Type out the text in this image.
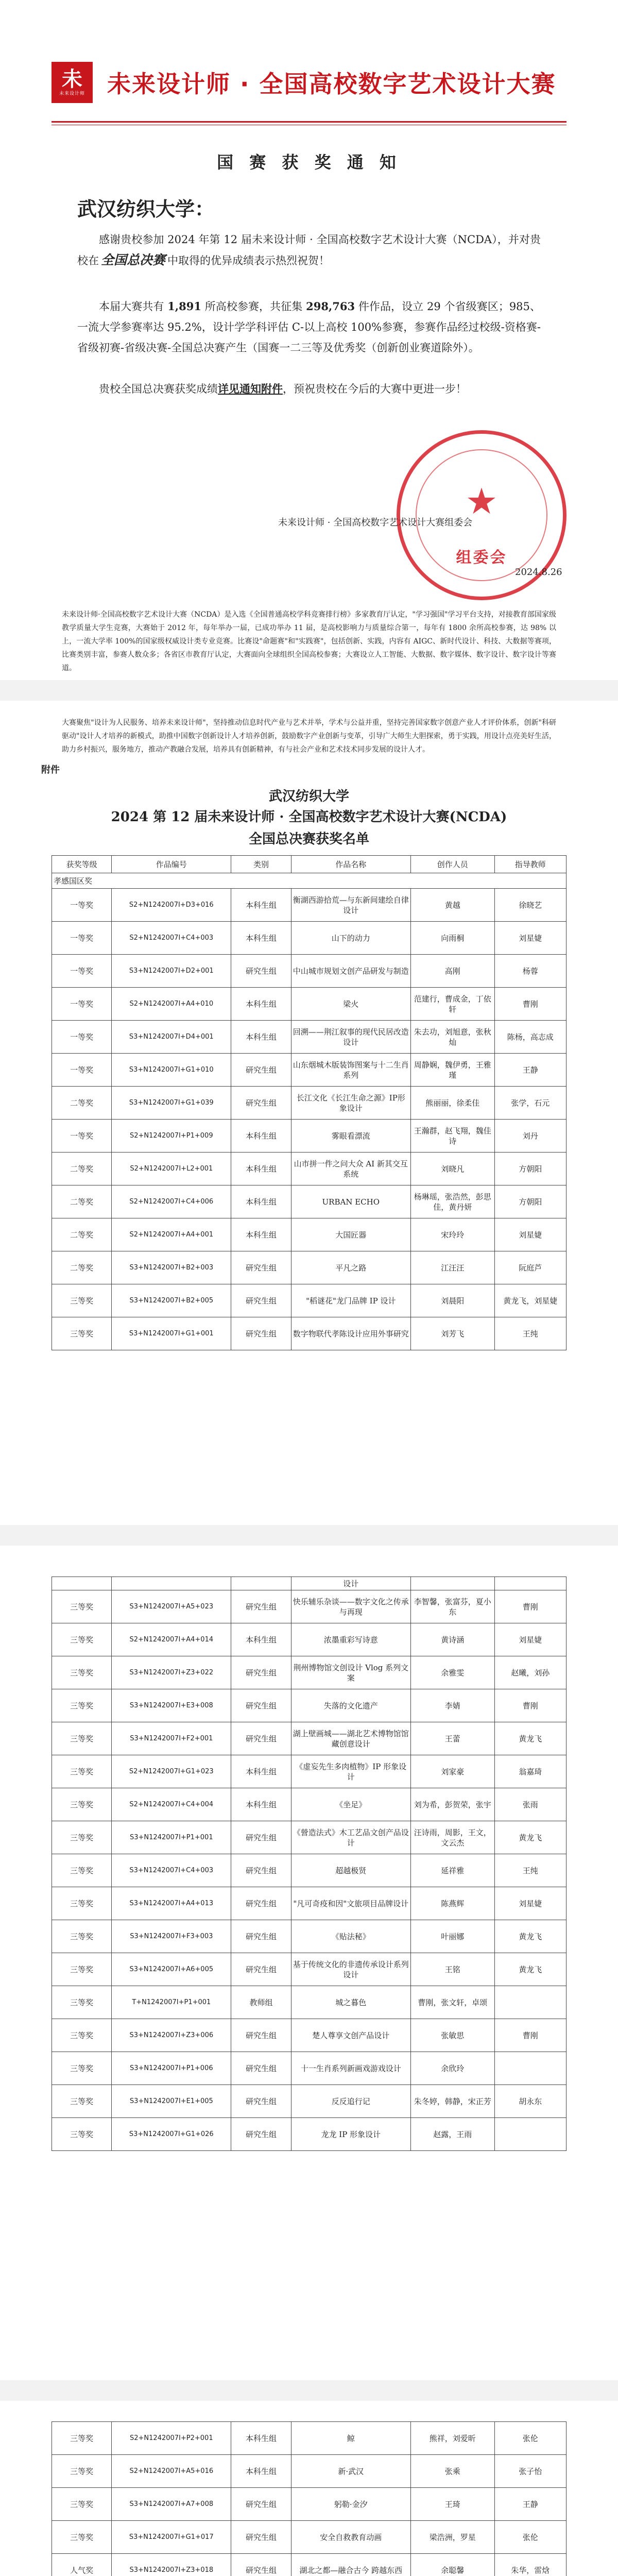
未
未来设计师 未来设计师 · 全国高校数字艺术设计大赛
国 赛 获 奖 通 知
武汉纺织大学：
感谢贵校参加 2024 年第 12 届未来设计师 · 全国高校数字艺术设计大赛（NCDA），并对贵校在 全国总决赛 中取得的优异成绩表示热烈祝贺！
本届大赛共有 1,891 所高校参赛，共征集 298,763 件作品，设立 29 个省级赛区；985、一流大学参赛率达 95.2%，设计学学科评估 C-以上高校 100%参赛，参赛作品经过校级-资格赛-省级初赛-省级决赛-全国总决赛产生（国赛一二三等及优秀奖（创新创业赛道除外）。
贵校全国总决赛获奖成绩详见通知附件，预祝贵校在今后的大赛中更进一步！
★
组委会
未来设计师 · 全国高校数字艺术设计大赛组委会
2024.8.26
未来设计师·全国高校数字艺术设计大赛（NCDA）是入选《全国普通高校学科竞赛排行榜》多家教育厅认定，"学习强国"学习平台支持，对接教育部国家级教学质量大学生竞赛，大赛始于 2012 年，每年举办一届，已成功举办 11 届，是高校影响力与质量综合第一，每年有 1800 余所高校参赛，达 98% 以上，一流大学率 100%的国家级权威设计类专业竞赛。比赛设"命题赛"和"实践赛"，包括创新、实践，内容有 AIGC、新时代设计、科技、大数据等赛项，比赛类别丰富，参赛人数众多；各省区市教育厅认定，大赛面向全球组织全国高校参赛；大赛设立人工智能、大数据、数字媒体、数字设计、数字设计等赛道。
大赛聚焦"设计为人民服务、培养未来设计师"，坚持推动信息时代产业与艺术并举，学术与公益并重，坚持完善国家数字创意产业人才评价体系，创新"科研驱动"设计人才培养的新模式，助推中国数字创新设计人才培养创新，鼓励数字产业创新与变革，引导广大师生大胆探索，勇于实践，用设计点亮美好生活，助力乡村振兴，服务地方，推动产教融合发展，培养具有创新精神，有与社会产业和艺术技术同步发展的设计人才。
附件
武汉纺织大学
2024 第 12 届未来设计师 · 全国高校数字艺术设计大赛(NCDA)
全国总决赛获奖名单
获奖等级	作品编号	类别	作品名称	创作人员	指导教师
孝感国区奖					
一等奖	S2+N1242007I+D3+016	本科生组	衡湖西游拾荒—与东新间建绘自律设计	黄越	徐晓艺
一等奖	S2+N1242007I+C4+003	本科生组	山下的动力	向雨桐	刘星婕
一等奖	S3+N1242007I+D2+001	研究生组	中山城市规划文创产品研发与制造	高刚	杨蓉
一等奖	S2+N1242007I+A4+010	本科生组	梁火	范建行，曹成金，丁依轩	曹刚
一等奖	S3+N1242007I+D4+001	本科生组	回溯——荆江叙事的现代民居改造设计	朱去功，刘旭意，张秋灿	陈杨，高志成
一等奖	S3+N1242007I+G1+010	研究生组	山东烟城木版装饰图案与十二生肖系列	周静娴，魏伊勇，王雅瑾	王静
二等奖	S3+N1242007I+G1+039	研究生组	长江文化《长江生命之源》IP形象设计	熊丽丽，徐柔佳	张学，石元
一等奖	S2+N1242007I+P1+009	本科生组	雾眼看漂流	王瀚群，赵飞翔，魏佳诗	刘丹
二等奖	S2+N1242007I+L2+001	本科生组	山市拼一件之问大众 AI 新其交互系统	刘晓凡	方朝阳
二等奖	S2+N1242007I+C4+006	本科生组	URBAN ECHO	杨琳瑶，张浩然，彭思佳，黄丹妍	方朝阳
二等奖	S2+N1242007I+A4+001	本科生组	大国匠器	宋玲玲	刘星婕
二等奖	S3+N1242007I+B2+003	研究生组	平凡之路	江汪汪	阮庭芦
三等奖	S3+N1242007I+B2+005	研究生组	"稻谜花"龙门品牌 IP 设计	刘晨阳	黄龙飞，刘星婕
三等奖	S3+N1242007I+G1+001	研究生组	数字物联代孝陈设计应用外事研究	刘芳飞	王纯
			设计		
三等奖	S3+N1242007I+A5+023	研究生组	快乐辅乐杂谈——数字文化之传承与再现	李智馨，张富芬，夏小东	曹刚
三等奖	S2+N1242007I+A4+014	本科生组	浓墨重彩写诗意	黄诗涵	刘星婕
三等奖	S3+N1242007I+Z3+022	研究生组	荆州博物馆文创设计 Vlog 系列文案	余雅雯	赵曦，刘孙
三等奖	S3+N1242007I+E3+008	研究生组	失落的文化遗产	李婧	曹刚
三等奖	S3+N1242007I+F2+001	研究生组	湖上壁画城——湖北艺术博物馆馆藏创意设计	王蕾	黄龙飞
三等奖	S2+N1242007I+G1+023	本科生组	《虚妄先生多肉植物》IP 形象设计	刘家豪	翁嘉琦
三等奖	S2+N1242007I+C4+004	本科生组	《坐足》	刘为希，彭贺荣，张宇	张雨
三等奖	S3+N1242007I+P1+001	研究生组	《營造法式》木工艺品文创产品设计	汪诗雨，周影，王文，文云杰	黄龙飞
三等奖	S3+N1242007I+C4+003	研究生组	超越极贤	延祥雅	王纯
三等奖	S3+N1242007I+A4+013	研究生组	"凡可奇疫和因"文旅项目品牌设计	陈燕辉	刘星婕
三等奖	S3+N1242007I+F3+003	研究生组	《贴法秘》	叶丽娜	黄龙飞
三等奖	S3+N1242007I+A6+005	研究生组	基于传统文化的非遗传承设计系列设计	王铭	黄龙飞
三等奖	T+N1242007I+P1+001	教师组	城之暮色	曹刚，张文轩，卓颂	
三等奖	S3+N1242007I+Z3+006	研究生组	楚人尊享文创产品设计	张敏思	曹刚
三等奖	S3+N1242007I+P1+006	研究生组	十一生肖系列新画戏游戏设计	余欣玲	
三等奖	S3+N1242007I+E1+005	研究生组	反反追行记	朱冬婷，韩静，宋正芳	胡永东
三等奖	S3+N1242007I+G1+026	研究生组	龙龙 IP 形象设计	赵露，王雨	
三等奖	S2+N1242007I+P2+001	本科生组	鲸	熊祥，刘爱昕	张伦
三等奖	S2+N1242007I+A5+016	本科生组	新·武汉	张乘	张子怡
三等奖	S3+N1242007I+A7+008	研究生组	躬勒·金汐	王琦	王静
三等奖	S3+N1242007I+G1+017	研究生组	安全自救教育动画	梁浩洲，罗星	张伦
人气奖	S3+N1242007I+Z3+018	研究生组	湖北之都—融合古今 跨越东西	余聪馨	朱华，雷焓
